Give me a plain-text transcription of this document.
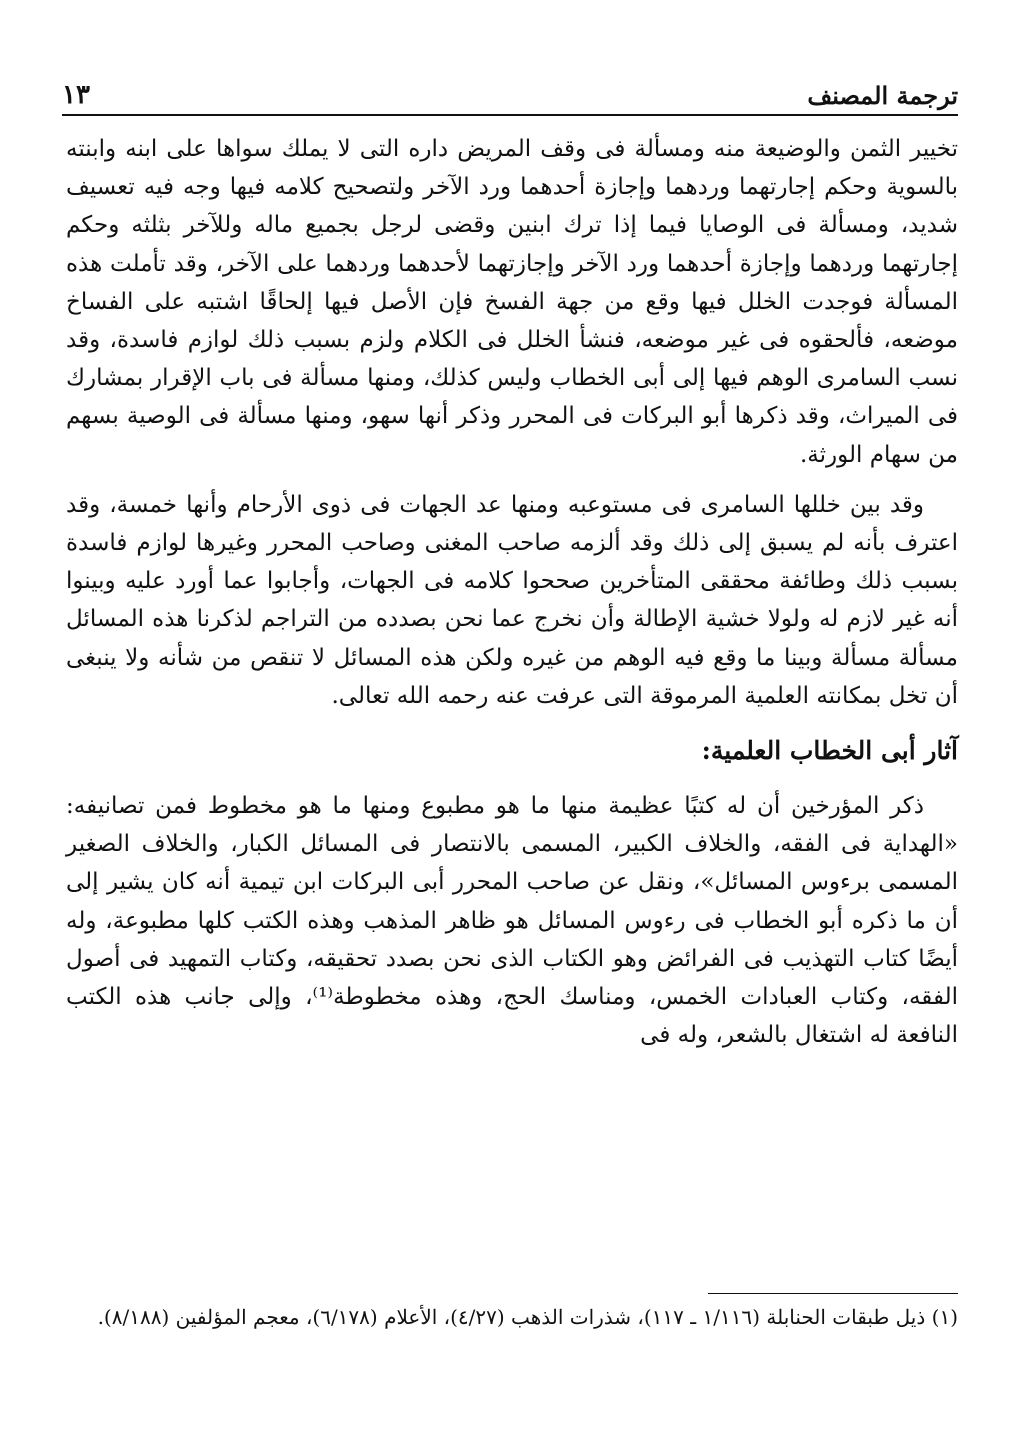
ترجمة المصنف
١٣

تخيير الثمن والوضيعة منه ومسألة فى وقف المريض داره التى لا يملك سواها على ابنه وابنته بالسوية وحكم إجارتهما وردهما وإجازة أحدهما ورد الآخر ولتصحيح كلامه فيها وجه فيه تعسيف شديد، ومسألة فى الوصايا فيما إذا ترك ابنين وقضى لرجل بجميع ماله وللآخر بثلثه وحكم إجارتهما وردهما وإجازة أحدهما ورد الآخر وإجازتهما لأحدهما وردهما على الآخر، وقد تأملت هذه المسألة فوجدت الخلل فيها وقع من جهة الفسخ فإن الأصل فيها إلحاقًا اشتبه على الفساخ موضعه، فألحقوه فى غير موضعه، فنشأ الخلل فى الكلام ولزم بسبب ذلك لوازم فاسدة، وقد نسب السامرى الوهم فيها إلى أبى الخطاب وليس كذلك، ومنها مسألة فى باب الإقرار بمشارك فى الميراث، وقد ذكرها أبو البركات فى المحرر وذكر أنها سهو، ومنها مسألة فى الوصية بسهم من سهام الورثة.

وقد بين خللها السامرى فى مستوعبه ومنها عد الجهات فى ذوى الأرحام وأنها خمسة، وقد اعترف بأنه لم يسبق إلى ذلك وقد ألزمه صاحب المغنى وصاحب المحرر وغيرها لوازم فاسدة بسبب ذلك وطائفة محققى المتأخرين صححوا كلامه فى الجهات، وأجابوا عما أورد عليه وبينوا أنه غير لازم له ولولا خشية الإطالة وأن نخرج عما نحن بصدده من التراجم لذكرنا هذه المسائل مسألة مسألة وبينا ما وقع فيه الوهم من غيره ولكن هذه المسائل لا تنقص من شأنه ولا ينبغى أن تخل بمكانته العلمية المرموقة التى عرفت عنه رحمه الله تعالى.

آثار أبى الخطاب العلمية:

ذكر المؤرخين أن له كتبًا عظيمة منها ما هو مطبوع ومنها ما هو مخطوط فمن تصانيفه: «الهداية فى الفقه، والخلاف الكبير، المسمى بالانتصار فى المسائل الكبار، والخلاف الصغير المسمى برءوس المسائل»، ونقل عن صاحب المحرر أبى البركات ابن تيمية أنه كان يشير إلى أن ما ذكره أبو الخطاب فى رءوس المسائل هو ظاهر المذهب وهذه الكتب كلها مطبوعة، وله أيضًا كتاب التهذيب فى الفرائض وهو الكتاب الذى نحن بصدد تحقيقه، وكتاب التمهيد فى أصول الفقه، وكتاب العبادات الخمس، ومناسك الحج، وهذه مخطوطة⁽¹⁾، وإلى جانب هذه الكتب النافعة له اشتغال بالشعر، وله فى

(١) ذيل طبقات الحنابلة (١/١١٦ ـ ١١٧)، شذرات الذهب (٤/٢٧)، الأعلام (٦/١٧٨)، معجم المؤلفين (٨/١٨٨).
